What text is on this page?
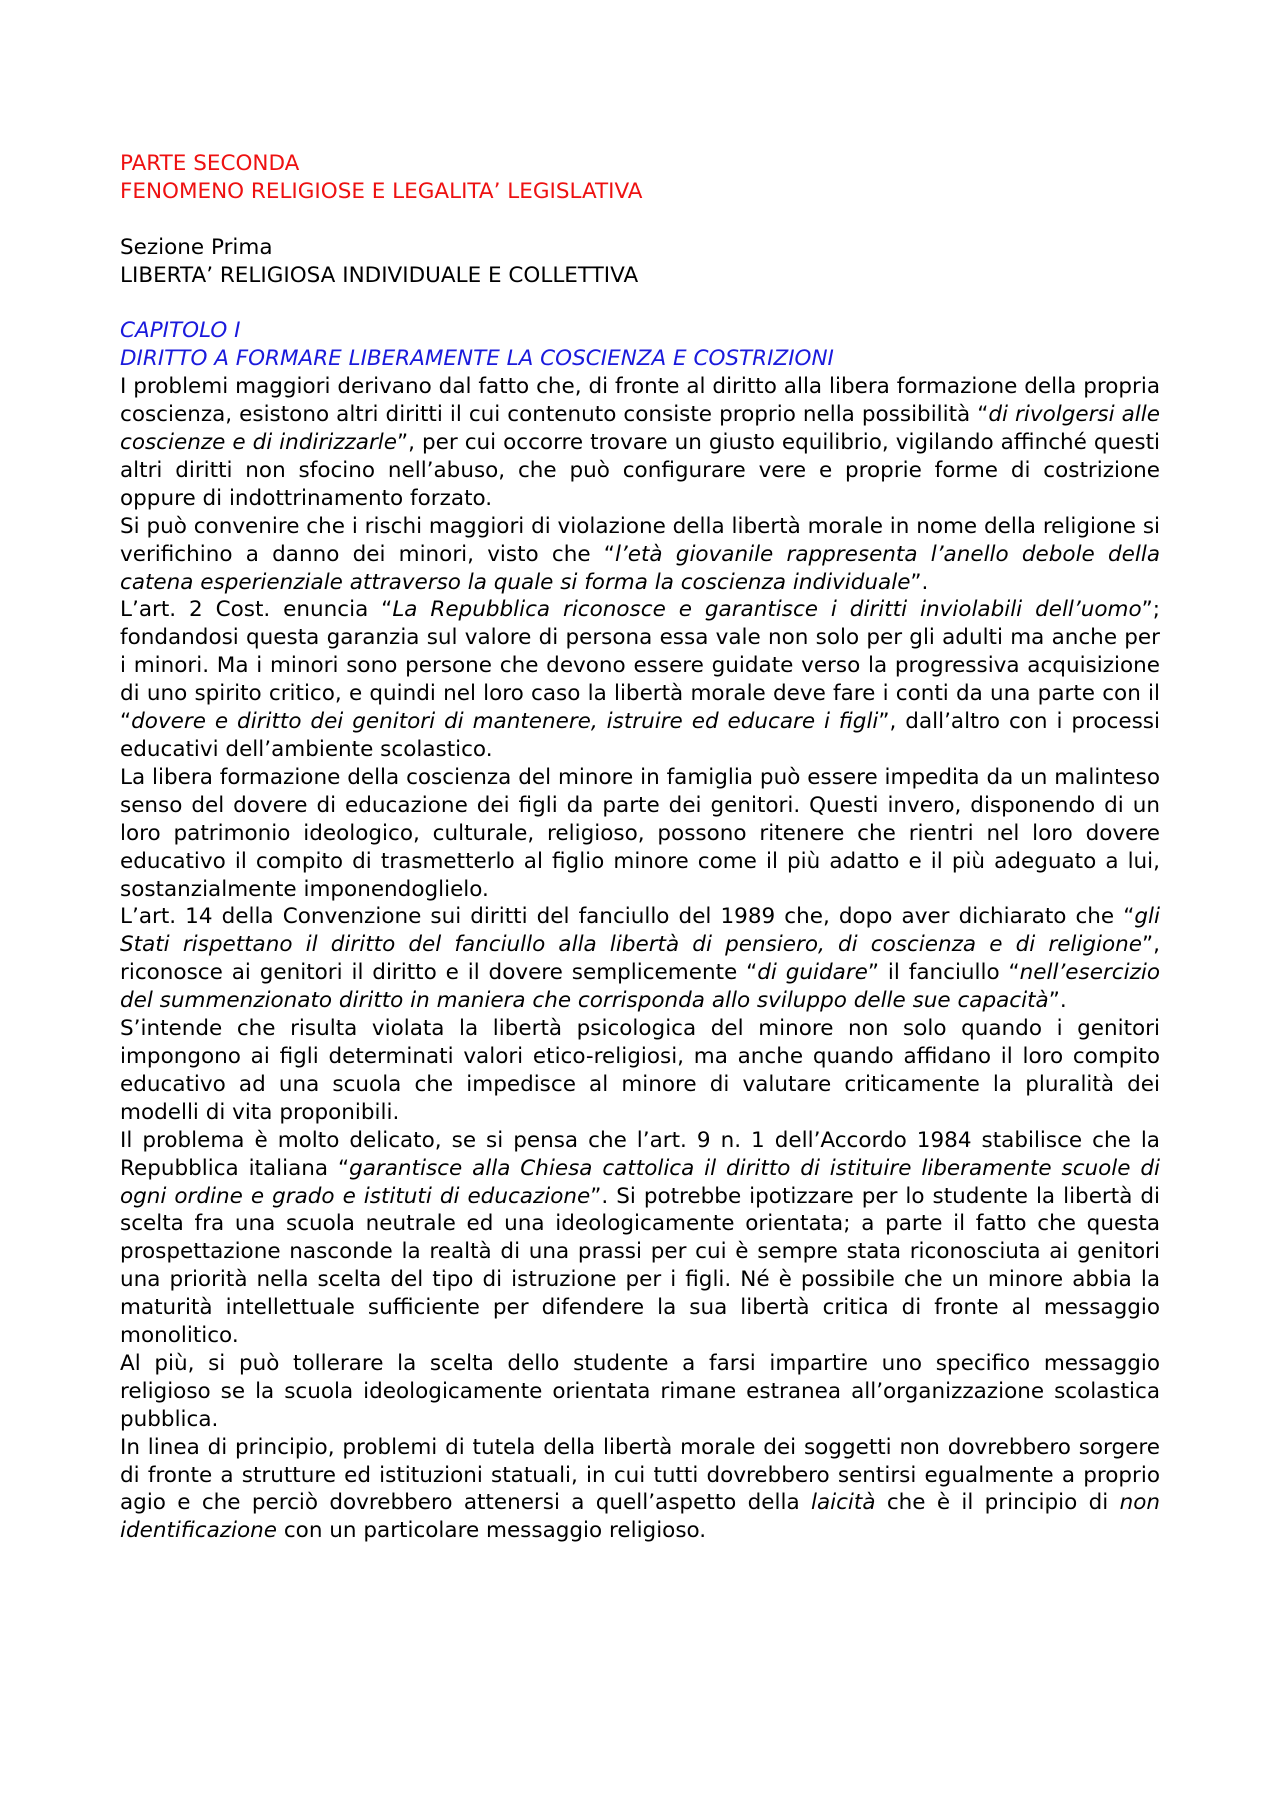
PARTE SECONDA
FENOMENO RELIGIOSE E LEGALITA’ LEGISLATIVA
Sezione Prima
LIBERTA’ RELIGIOSA INDIVIDUALE E COLLETTIVA
CAPITOLO I
DIRITTO A FORMARE LIBERAMENTE LA COSCIENZA E COSTRIZIONI

I problemi maggiori derivano dal fatto che, di fronte al diritto alla libera formazione della propria coscienza, esistono altri diritti il cui contenuto consiste proprio nella possibilità “di rivolgersi alle coscienze e di indirizzarle”, per cui occorre trovare un giusto equilibrio, vigilando affinché questi altri diritti non sfocino nell’abuso, che può configurare vere e proprie forme di costrizione oppure di indottrinamento forzato.

Si può convenire che i rischi maggiori di violazione della libertà morale in nome della religione si verifichino a danno dei minori, visto che “l’età giovanile rappresenta l’anello debole della catena esperienziale attraverso la quale si forma la coscienza individuale”.

L’art. 2 Cost. enuncia “La Repubblica riconosce e garantisce i diritti inviolabili dell’uomo”; fondandosi questa garanzia sul valore di persona essa vale non solo per gli adulti ma anche per i minori. Ma i minori sono persone che devono essere guidate verso la progressiva acquisizione di uno spirito critico, e quindi nel loro caso la libertà morale deve fare i conti da una parte con il “dovere e diritto dei genitori di mantenere, istruire ed educare i figli”, dall’altro con i processi educativi dell’ambiente scolastico.

La libera formazione della coscienza del minore in famiglia può essere impedita da un malinteso senso del dovere di educazione dei figli da parte dei genitori. Questi invero, disponendo di un loro patrimonio ideologico, culturale, religioso, possono ritenere che rientri nel loro dovere educativo il compito di trasmetterlo al figlio minore come il più adatto e il più adeguato a lui, sostanzialmente imponendoglielo.

L’art. 14 della Convenzione sui diritti del fanciullo del 1989 che, dopo aver dichiarato che “gli Stati rispettano il diritto del fanciullo alla libertà di pensiero, di coscienza e di religione”, riconosce ai genitori il diritto e il dovere semplicemente “di guidare” il fanciullo “nell’esercizio del summenzionato diritto in maniera che corrisponda allo sviluppo delle sue capacità”.

S’intende che risulta violata la libertà psicologica del minore non solo quando i genitori impongono ai figli determinati valori etico-religiosi, ma anche quando affidano il loro compito educativo ad una scuola che impedisce al minore di valutare criticamente la pluralità dei modelli di vita proponibili.

Il problema è molto delicato, se si pensa che l’art. 9 n. 1 dell’Accordo 1984 stabilisce che la Repubblica italiana “garantisce alla Chiesa cattolica il diritto di istituire liberamente scuole di ogni ordine e grado e istituti di educazione”. Si potrebbe ipotizzare per lo studente la libertà di scelta fra una scuola neutrale ed una ideologicamente orientata; a parte il fatto che questa prospettazione nasconde la realtà di una prassi per cui è sempre stata riconosciuta ai genitori una priorità nella scelta del tipo di istruzione per i figli. Né è possibile che un minore abbia la maturità intellettuale sufficiente per difendere la sua libertà critica di fronte al messaggio monolitico.

Al più, si può tollerare la scelta dello studente a farsi impartire uno specifico messaggio religioso se la scuola ideologicamente orientata rimane estranea all’organizzazione scolastica pubblica.

In linea di principio, problemi di tutela della libertà morale dei soggetti non dovrebbero sorgere di fronte a strutture ed istituzioni statuali, in cui tutti dovrebbero sentirsi egualmente a proprio agio e che perciò dovrebbero attenersi a quell’aspetto della laicità che è il principio di non identificazione con un particolare messaggio religioso.
